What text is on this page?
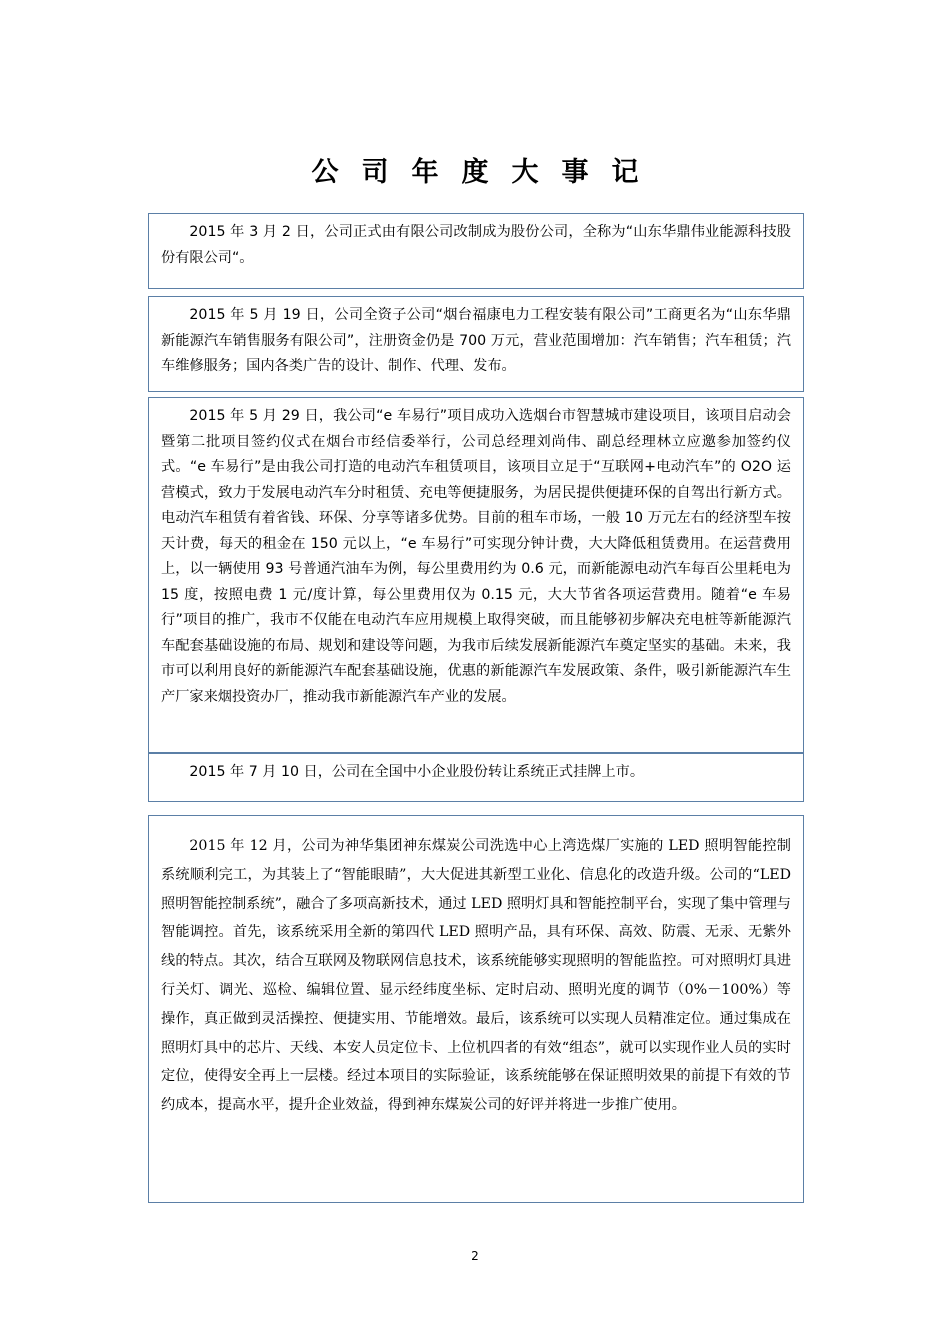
公司年度大事记

2015 年 3 月 2 日，公司正式由有限公司改制成为股份公司，全称为“山东华鼎伟业能源科技股份有限公司“。

2015 年 5 月 19 日，公司全资子公司“烟台福康电力工程安装有限公司”工商更名为“山东华鼎新能源汽车销售服务有限公司”，注册资金仍是 700 万元，营业范围增加：汽车销售；汽车租赁；汽车维修服务；国内各类广告的设计、制作、代理、发布。

2015 年 5 月 29 日，我公司“e 车易行”项目成功入选烟台市智慧城市建设项目，该项目启动会暨第二批项目签约仪式在烟台市经信委举行，公司总经理刘尚伟、副总经理林立应邀参加签约仪式。“e 车易行”是由我公司打造的电动汽车租赁项目，该项目立足于“互联网+电动汽车”的 O2O 运营模式，致力于发展电动汽车分时租赁、充电等便捷服务，为居民提供便捷环保的自驾出行新方式。 电动汽车租赁有着省钱、环保、分享等诸多优势。目前的租车市场，一般 10 万元左右的经济型车按天计费，每天的租金在 150 元以上，“e 车易行”可实现分钟计费，大大降低租赁费用。在运营费用上，以一辆使用 93 号普通汽油车为例，每公里费用约为 0.6 元，而新能源电动汽车每百公里耗电为 15 度，按照电费 1 元/度计算，每公里费用仅为 0.15 元，大大节省各项运营费用。随着“e 车易行”项目的推广，我市不仅能在电动汽车应用规模上取得突破，而且能够初步解决充电桩等新能源汽车配套基础设施的布局、规划和建设等问题，为我市后续发展新能源汽车奠定坚实的基础。未来，我市可以利用良好的新能源汽车配套基础设施，优惠的新能源汽车发展政策、条件，吸引新能源汽车生产厂家来烟投资办厂，推动我市新能源汽车产业的发展。

2015 年 7 月 10 日，公司在全国中小企业股份转让系统正式挂牌上市。

2015 年 12 月，公司为神华集团神东煤炭公司洗选中心上湾选煤厂实施的 LED 照明智能控制系统顺利完工，为其装上了“智能眼睛”，大大促进其新型工业化、信息化的改造升级。公司的“LED 照明智能控制系统”，融合了多项高新技术，通过 LED 照明灯具和智能控制平台，实现了集中管理与智能调控。首先，该系统采用全新的第四代 LED 照明产品，具有环保、高效、防震、无汞、无紫外线的特点。其次，结合互联网及物联网信息技术，该系统能够实现照明的智能监控。可对照明灯具进行关灯、调光、巡检、编辑位置、显示经纬度坐标、定时启动、照明光度的调节（0%－100%）等操作，真正做到灵活操控、便捷实用、节能增效。最后，该系统可以实现人员精准定位。通过集成在照明灯具中的芯片、天线、本安人员定位卡、上位机四者的有效“组态”，就可以实现作业人员的实时定位，使得安全再上一层楼。经过本项目的实际验证，该系统能够在保证照明效果的前提下有效的节约成本，提高水平，提升企业效益，得到神东煤炭公司的好评并将进一步推广使用。

2
